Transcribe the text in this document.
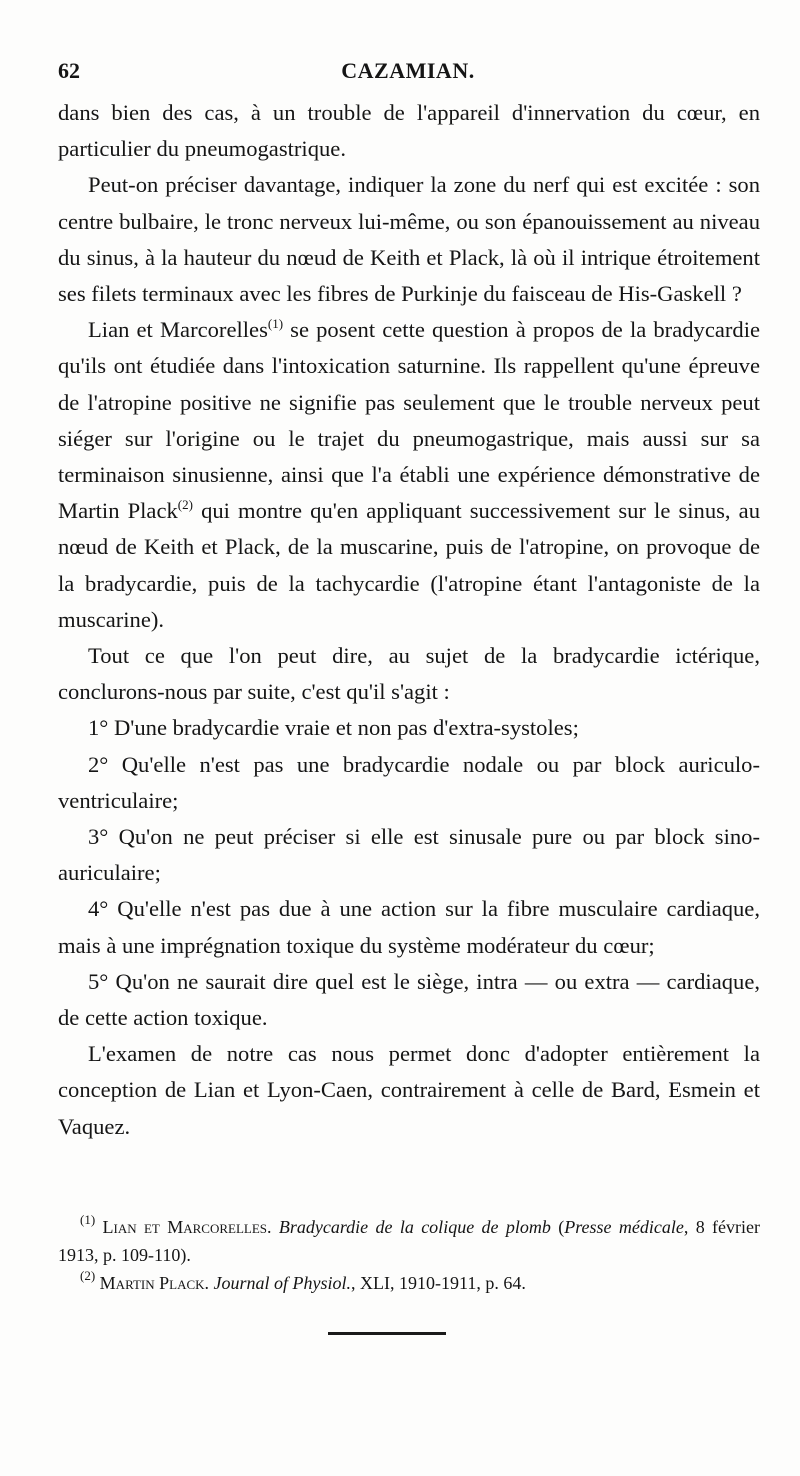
62	CAZAMIAN.

dans bien des cas, à un trouble de l'appareil d'innervation du cœur, en particulier du pneumogastrique.

Peut-on préciser davantage, indiquer la zone du nerf qui est excitée : son centre bulbaire, le tronc nerveux lui-même, ou son épanouissement au niveau du sinus, à la hauteur du nœud de Keith et Plack, là où il intrique étroitement ses filets terminaux avec les fibres de Purkinje du faisceau de His-Gaskell ?

Lian et Marcorelles$^{(1)}$ se posent cette question à propos de la bradycardie qu'ils ont étudiée dans l'intoxication saturnine. Ils rappellent qu'une épreuve de l'atropine positive ne signifie pas seulement que le trouble nerveux peut siéger sur l'origine ou le trajet du pneumogastrique, mais aussi sur sa terminaison sinusienne, ainsi que l'a établi une expérience démonstrative de Martin Plack$^{(2)}$ qui montre qu'en appliquant successivement sur le sinus, au nœud de Keith et Plack, de la muscarine, puis de l'atropine, on provoque de la bradycardie, puis de la tachycardie (l'atropine étant l'antagoniste de la muscarine).

Tout ce que l'on peut dire, au sujet de la bradycardie ictérique, conclurons-nous par suite, c'est qu'il s'agit :

1° D'une bradycardie vraie et non pas d'extra-systoles;

2° Qu'elle n'est pas une bradycardie nodale ou par block auriculo-ventriculaire;

3° Qu'on ne peut préciser si elle est sinusale pure ou par block sino-auriculaire;

4° Qu'elle n'est pas due à une action sur la fibre musculaire cardiaque, mais à une imprégnation toxique du système modérateur du cœur;

5° Qu'on ne saurait dire quel est le siège, intra — ou extra — cardiaque, de cette action toxique.

L'examen de notre cas nous permet donc d'adopter entièrement la conception de Lian et Lyon-Caen, contrairement à celle de Bard, Esmein et Vaquez.

$^{(1)}$ Lian et Marcorelles. Bradycardie de la colique de plomb (Presse médicale, 8 février 1913, p. 109-110).

$^{(2)}$ Martin Plack. Journal of Physiol., XLI, 1910-1911, p. 64.
